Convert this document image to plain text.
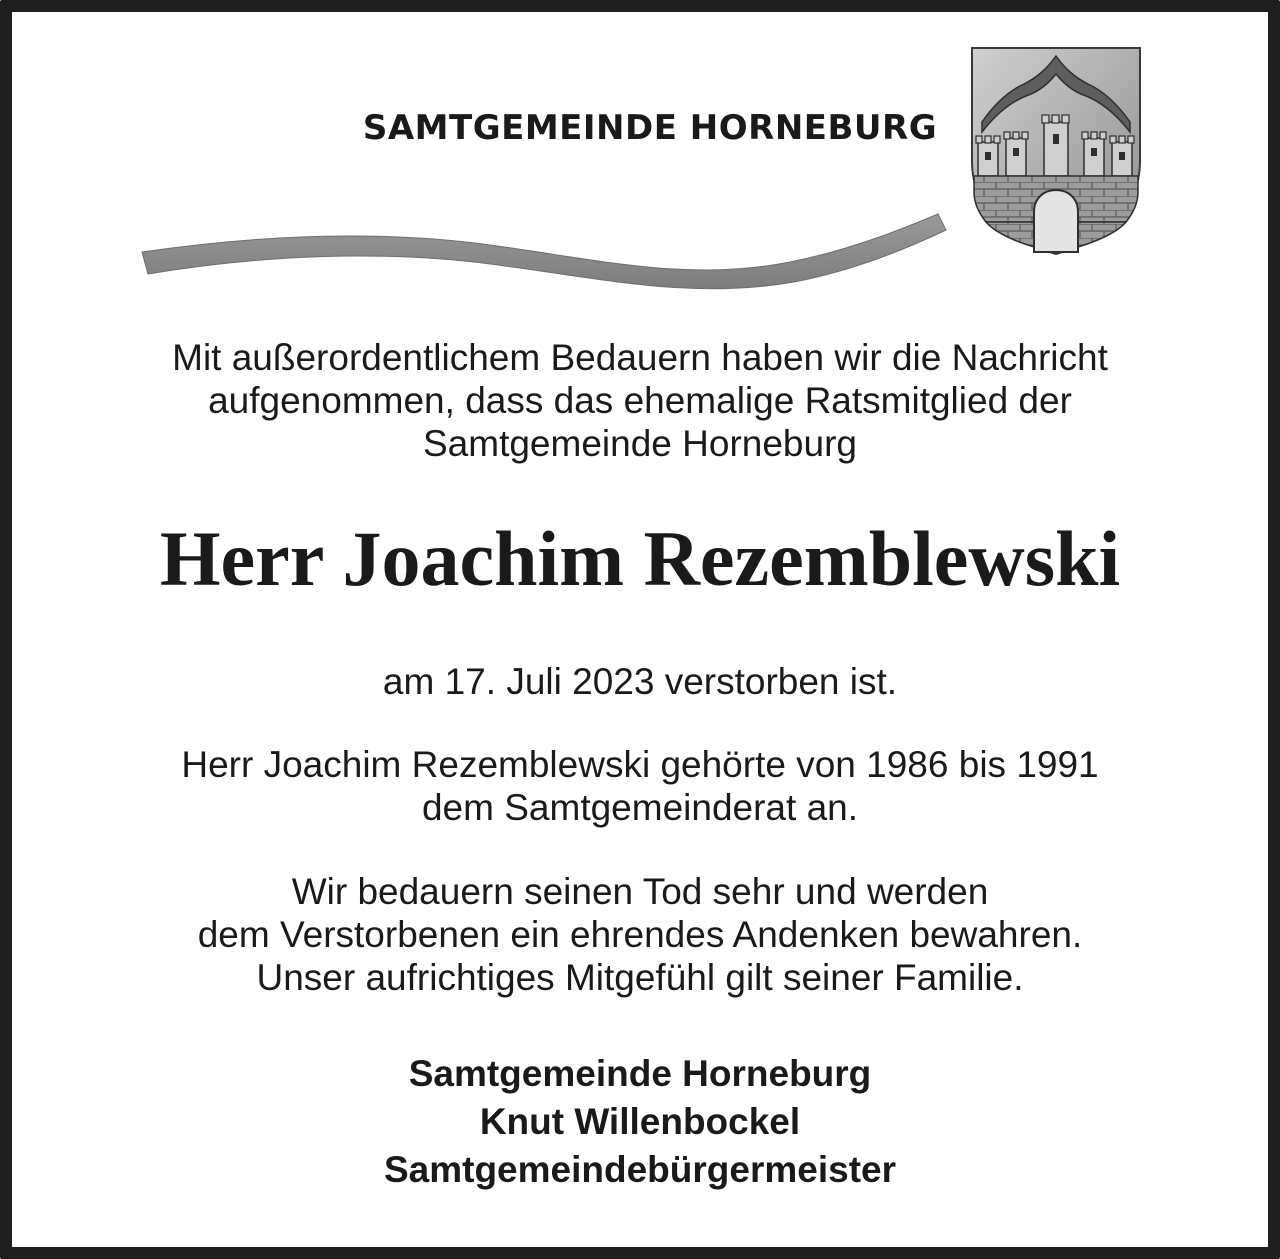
SAMTGEMEINDE HORNEBURG
Mit außerordentlichem Bedauern haben wir die Nachricht
aufgenommen, dass das ehemalige Ratsmitglied der
Samtgemeinde Horneburg
Herr Joachim Rezemblewski
am 17. Juli 2023 verstorben ist.
Herr Joachim Rezemblewski gehörte von 1986 bis 1991
dem Samtgemeinderat an.
Wir bedauern seinen Tod sehr und werden
dem Verstorbenen ein ehrendes Andenken bewahren.
Unser aufrichtiges Mitgefühl gilt seiner Familie.
Samtgemeinde Horneburg
Knut Willenbockel
Samtgemeindebürgermeister
